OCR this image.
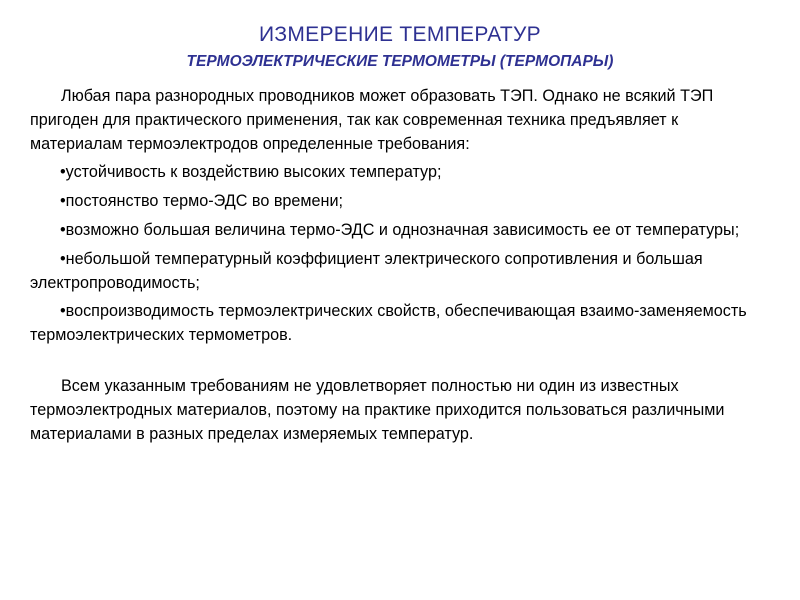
ИЗМЕРЕНИЕ ТЕМПЕРАТУР
ТЕРМОЭЛЕКТРИЧЕСКИЕ ТЕРМОМЕТРЫ (ТЕРМОПАРЫ)

Любая пара разнородных проводников может образовать ТЭП. Однако не всякий ТЭП пригоден для практического применения, так как современная техника предъявляет к материалам термоэлектродов определенные требования:

•устойчивость к воздействию высоких температур;

•постоянство термо-ЭДС во времени;

•возможно большая величина термо-ЭДС и однозначная зависимость ее от температуры;

•небольшой температурный коэффициент электрического сопротивления и большая электропроводимость;

•воспроизводимость термоэлектрических свойств, обеспечивающая взаимо-заменяемость термоэлектрических термометров.

Всем указанным требованиям не удовлетворяет полностью ни один из известных термоэлектродных материалов, поэтому на практике приходится пользоваться различными материалами в разных пределах измеряемых температур.
